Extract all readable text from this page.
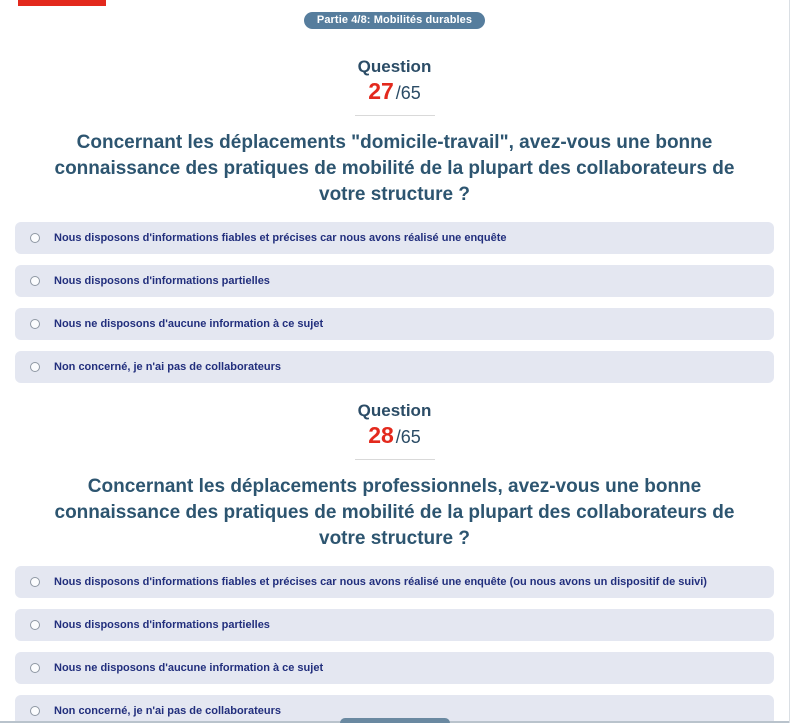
Partie 4/8: Mobilités durables
Question
27 /65
Concernant les déplacements "domicile-travail", avez-vous une bonne connaissance des pratiques de mobilité de la plupart des collaborateurs de votre structure ?
Nous disposons d'informations fiables et précises car nous avons réalisé une enquête
Nous disposons d'informations partielles
Nous ne disposons d'aucune information à ce sujet
Non concerné, je n'ai pas de collaborateurs
Question
28 /65
Concernant les déplacements professionnels, avez-vous une bonne connaissance des pratiques de mobilité de la plupart des collaborateurs de votre structure ?
Nous disposons d'informations fiables et précises car nous avons réalisé une enquête (ou nous avons un dispositif de suivi)
Nous disposons d'informations partielles
Nous ne disposons d'aucune information à ce sujet
Non concerné, je n'ai pas de collaborateurs
